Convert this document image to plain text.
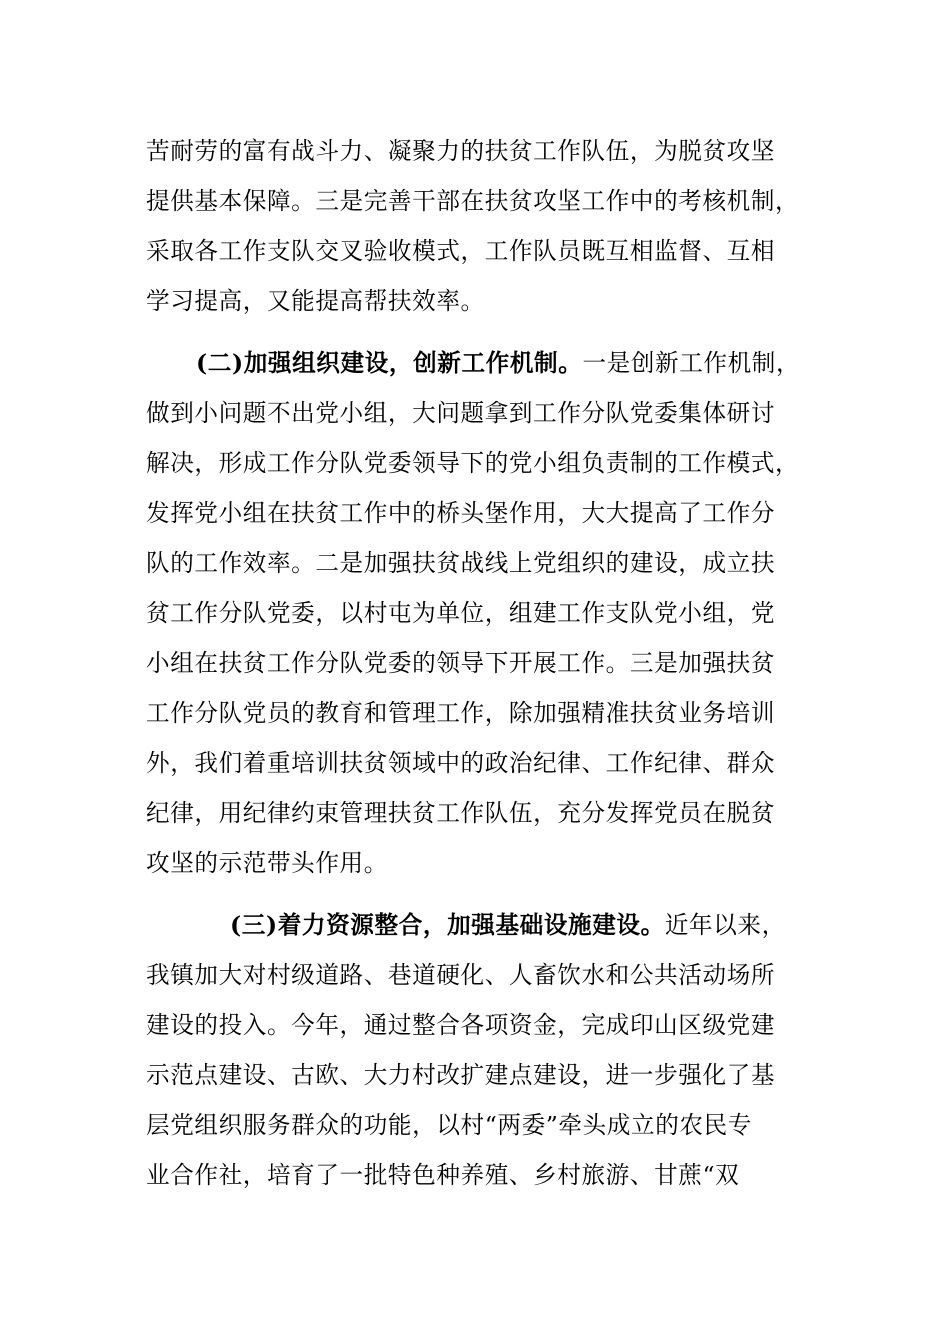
苦耐劳的富有战斗力、凝聚力的扶贫工作队伍，为脱贫攻坚
提供基本保障。三是完善干部在扶贫攻坚工作中的考核机制，
采取各工作支队交叉验收模式，工作队员既互相监督、互相
学习提高，又能提高帮扶效率。
(二)加强组织建设，创新工作机制。一是创新工作机制，
做到小问题不出党小组，大问题拿到工作分队党委集体研讨
解决，形成工作分队党委领导下的党小组负责制的工作模式，
发挥党小组在扶贫工作中的桥头堡作用，大大提高了工作分
队的工作效率。二是加强扶贫战线上党组织的建设，成立扶
贫工作分队党委，以村屯为单位，组建工作支队党小组，党
小组在扶贫工作分队党委的领导下开展工作。三是加强扶贫
工作分队党员的教育和管理工作，除加强精准扶贫业务培训
外，我们着重培训扶贫领域中的政治纪律、工作纪律、群众
纪律，用纪律约束管理扶贫工作队伍，充分发挥党员在脱贫
攻坚的示范带头作用。
(三)着力资源整合，加强基础设施建设。近年以来，
我镇加大对村级道路、巷道硬化、人畜饮水和公共活动场所
建设的投入。今年，通过整合各项资金，完成印山区级党建
示范点建设、古欧、大力村改扩建点建设，进一步强化了基
层党组织服务群众的功能，以村“两委”牵头成立的农民专
业合作社，培育了一批特色种养殖、乡村旅游、甘蔗“双
